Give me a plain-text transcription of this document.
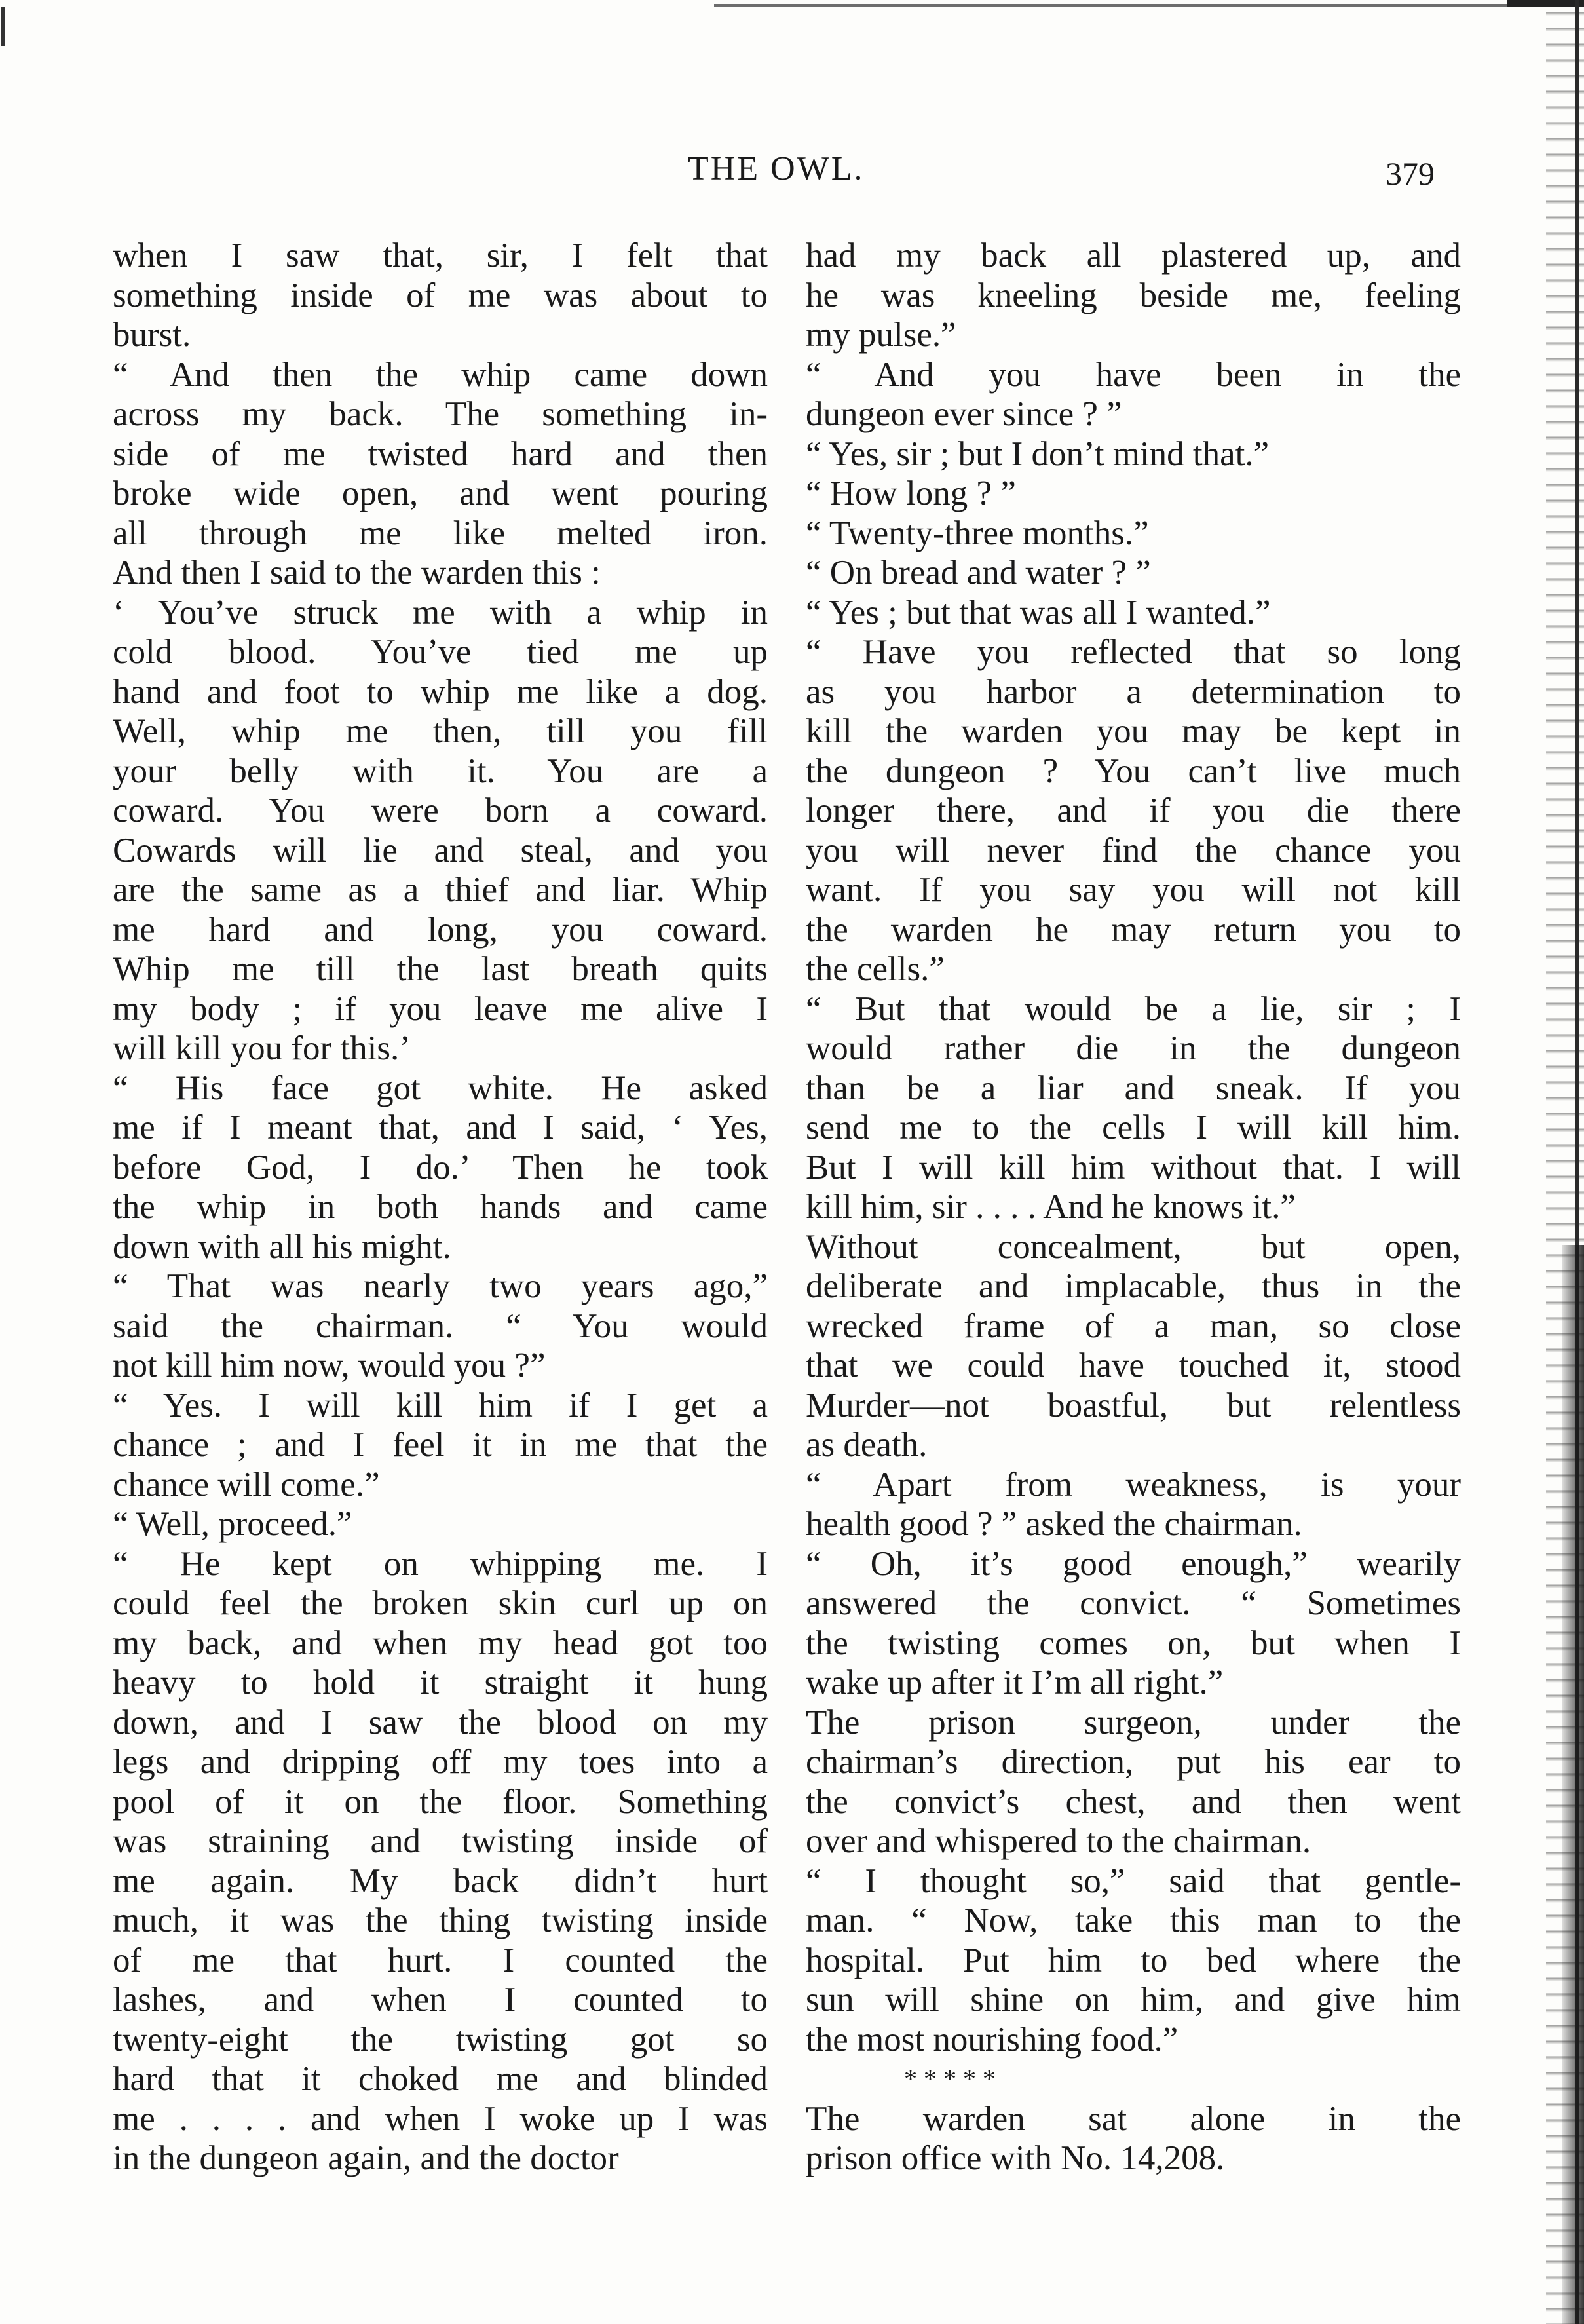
THE OWL.	379
when I saw that, sir, I felt that
something inside of me was about to
burst.
“ And then the whip came down
across my back. The something in-
side of me twisted hard and then
broke wide open, and went pouring
all through me like melted iron.
And then I said to the warden this :
‘ You’ve struck me with a whip in
cold blood. You’ve tied me up
hand and foot to whip me like a dog.
Well, whip me then, till you fill
your belly with it. You are a
coward. You were born a coward.
Cowards will lie and steal, and you
are the same as a thief and liar. Whip
me hard and long, you coward.
Whip me till the last breath quits
my body ; if you leave me alive I
will kill you for this.’
“ His face got white. He asked
me if I meant that, and I said, ‘ Yes,
before God, I do.’ Then he took
the whip in both hands and came
down with all his might.
“ That was nearly two years ago,”
said the chairman. “ You would
not kill him now, would you ?”
“ Yes. I will kill him if I get a
chance ; and I feel it in me that the
chance will come.”
“ Well, proceed.”
“ He kept on whipping me. I
could feel the broken skin curl up on
my back, and when my head got too
heavy to hold it straight it hung
down, and I saw the blood on my
legs and dripping off my toes into a
pool of it on the floor. Something
was straining and twisting inside of
me again. My back didn’t hurt
much, it was the thing twisting inside
of me that hurt. I counted the
lashes, and when I counted to
twenty-eight the twisting got so
hard that it choked me and blinded
me . . . . and when I woke up I was
in the dungeon again, and the doctor
had my back all plastered up, and
he was kneeling beside me, feeling
my pulse.”
“ And you have been in the
dungeon ever since ? ”
“ Yes, sir ; but I don’t mind that.”
“ How long ? ”
“ Twenty-three months.”
“ On bread and water ? ”
“ Yes ; but that was all I wanted.”
“ Have you reflected that so long
as you harbor a determination to
kill the warden you may be kept in
the dungeon ? You can’t live much
longer there, and if you die there
you will never find the chance you
want. If you say you will not kill
the warden he may return you to
the cells.”
“ But that would be a lie, sir ; I
would rather die in the dungeon
than be a liar and sneak. If you
send me to the cells I will kill him.
But I will kill him without that. I will
kill him, sir . . . . And he knows it.”
Without concealment, but open,
deliberate and implacable, thus in the
wrecked frame of a man, so close
that we could have touched it, stood
Murder—not boastful, but relentless
as death.
“ Apart from weakness, is your
health good ? ” asked the chairman.
“ Oh, it’s good enough,” wearily
answered the convict. “ Sometimes
the twisting comes on, but when I
wake up after it I’m all right.”
The prison surgeon, under the
chairman’s direction, put his ear to
the convict’s chest, and then went
over and whispered to the chairman.
“ I thought so,” said that gentle-
man. “ Now, take this man to the
hospital. Put him to bed where the
sun will shine on him, and give him
the most nourishing food.”
* * * * *
The warden sat alone in the
prison office with No. 14,208.
